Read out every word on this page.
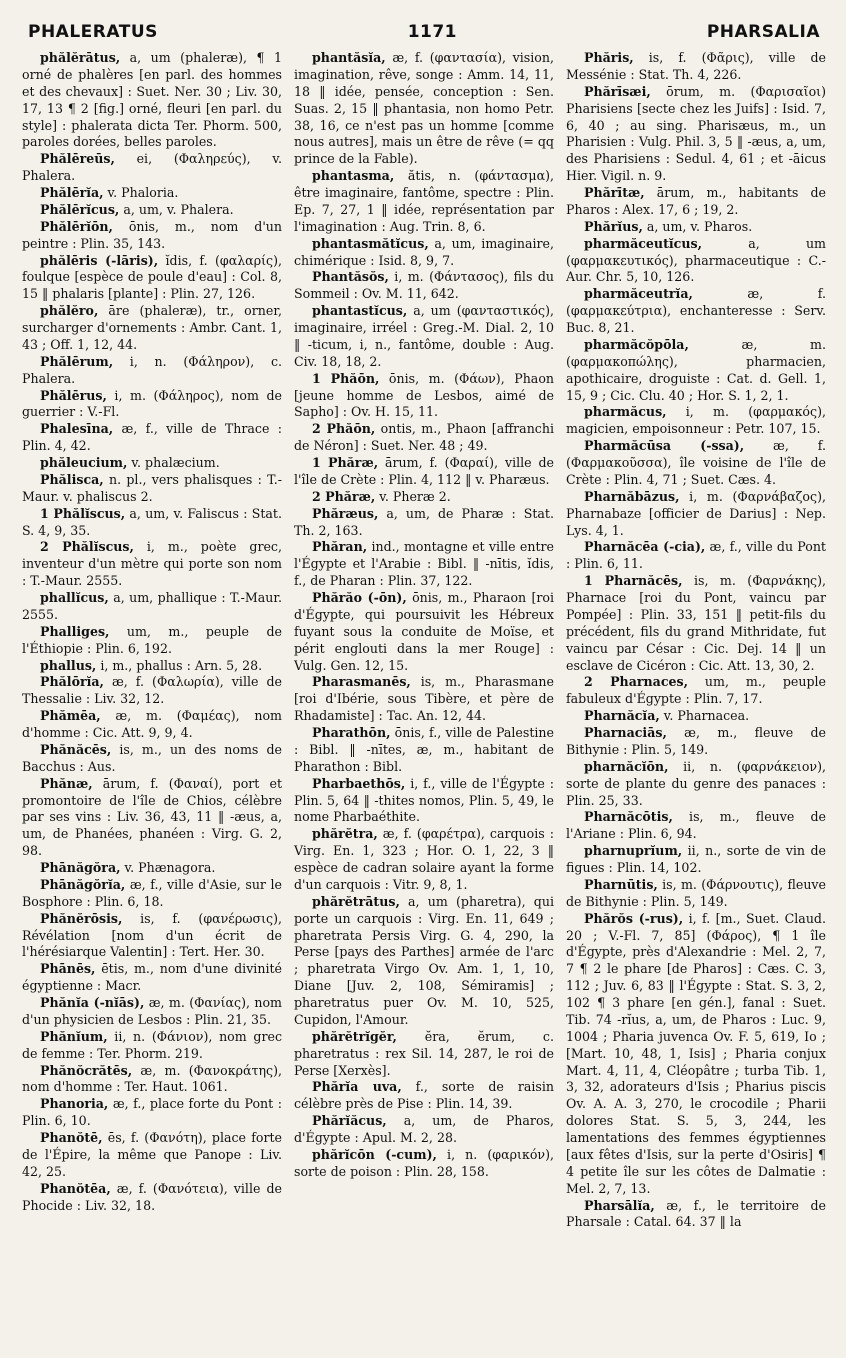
PHALERATUS	1171	PHARSALIA

phălĕrātus, a, um (phaleræ), ¶ 1 orné de phalères [en parl. des hommes et des chevaux] : Suet. Ner. 30 ; Liv. 30, 17, 13 ¶ 2 [fig.] orné, fleuri [en parl. du style] : phalerata dicta Ter. Phorm. 500, paroles dorées, belles paroles.

Phălēreūs, ei, (Φαληρεύς), v. Phalera.

Phălērĭa, v. Phaloria.

Phălērĭcus, a, um, v. Phalera.

Phălērĭōn, ōnis, m., nom d'un peintre : Plin. 35, 143.

phălēris (-lāris), ĭdis, f. (φαλαρίς), foulque [espèce de poule d'eau] : Col. 8, 15 ‖ phalaris [plante] : Plin. 27, 126.

phălĕro, āre (phaleræ), tr., orner, surcharger d'ornements : Ambr. Cant. 1, 43 ; Off. 1, 12, 44.

Phălērum, i, n. (Φάληρον), c. Phalera.

Phălērus, i, m. (Φάληρος), nom de guerrier : V.-Fl.

Phalesīna, æ, f., ville de Thrace : Plin. 4, 42.

phăleucium, v. phalæcium.

Phălisca, n. pl., vers phalisques : T.-Maur. v. phaliscus 2.

1 Phălĭscus, a, um, v. Faliscus : Stat. S. 4, 9, 35.

2 Phălĭscus, i, m., poète grec, inventeur d'un mètre qui porte son nom : T.-Maur. 2555.

phallĭcus, a, um, phallique : T.-Maur. 2555.

Phalliges, um, m., peuple de l'Éthiopie : Plin. 6, 192.

phallus, i, m., phallus : Arn. 5, 28.

Phălōrĭa, æ, f. (Φαλωρία), ville de Thessalie : Liv. 32, 12.

Phămēa, æ, m. (Φαμέας), nom d'homme : Cic. Att. 9, 9, 4.

Phănăcēs, is, m., un des noms de Bacchus : Aus.

Phănæ, ārum, f. (Φαναί), port et promontoire de l'île de Chios, célèbre par ses vins : Liv. 36, 43, 11 ‖ -æus, a, um, de Phanées, phanéen : Virg. G. 2, 98.

Phānăgŏra, v. Phænagora.

Phānăgŏrĭa, æ, f., ville d'Asie, sur le Bosphore : Plin. 6, 18.

Phănĕrōsis, is, f. (φανέρωσις), Révélation [nom d'un écrit de l'hérésiarque Valentin] : Tert. Her. 30.

Phānēs, ētis, m., nom d'une divinité égyptienne : Macr.

Phănĭa (-nĭās), æ, m. (Φανίας), nom d'un physicien de Lesbos : Plin. 21, 35.

Phănĭum, ii, n. (Φάνιον), nom grec de femme : Ter. Phorm. 219.

Phănŏcrătēs, æ, m. (Φανοκράτης), nom d'homme : Ter. Haut. 1061.

Phanoria, æ, f., place forte du Pont : Plin. 6, 10.

Phanŏtē, ēs, f. (Φανότη), place forte de l'Épire, la même que Panope : Liv. 42, 25.

Phanŏtēa, æ, f. (Φανότεια), ville de Phocide : Liv. 32, 18.

phantăsĭa, æ, f. (φαντασία), vision, imagination, rêve, songe : Amm. 14, 11, 18 ‖ idée, pensée, conception : Sen. Suas. 2, 15 ‖ phantasia, non homo Petr. 38, 16, ce n'est pas un homme [comme nous autres], mais un être de rêve (= qq prince de la Fable).

phantasma, ătis, n. (φάντασμα), être imaginaire, fantôme, spectre : Plin. Ep. 7, 27, 1 ‖ idée, représentation par l'imagination : Aug. Trin. 8, 6.

phantasmătĭcus, a, um, imaginaire, chimérique : Isid. 8, 9, 7.

Phantăsŏs, i, m. (Φάντασος), fils du Sommeil : Ov. M. 11, 642.

phantastĭcus, a, um (φανταστικός), imaginaire, irréel : Greg.-M. Dial. 2, 10 ‖ -ticum, i, n., fantôme, double : Aug. Civ. 18, 18, 2.

1 Phăōn, ōnis, m. (Φάων), Phaon [jeune homme de Lesbos, aimé de Sapho] : Ov. H. 15, 11.

2 Phăōn, ontis, m., Phaon [affranchi de Néron] : Suet. Ner. 48 ; 49.

1 Phăræ, ārum, f. (Φαραί), ville de l'île de Crète : Plin. 4, 112 ‖ v. Pharæus.

2 Phăræ, v. Pheræ 2.

Phăræus, a, um, de Pharæ : Stat. Th. 2, 163.

Phăran, ind., montagne et ville entre l'Égypte et l'Arabie : Bibl. ‖ -nītis, ĭdis, f., de Pharan : Plin. 37, 122.

Phărăo (-ōn), ōnis, m., Pharaon [roi d'Égypte, qui poursuivit les Hébreux fuyant sous la conduite de Moïse, et périt englouti dans la mer Rouge] : Vulg. Gen. 12, 15.

Pharasmanēs, is, m., Pharasmane [roi d'Ibérie, sous Tibère, et père de Rhadamiste] : Tac. An. 12, 44.

Pharathōn, ōnis, f., ville de Palestine : Bibl. ‖ -nītes, æ, m., habitant de Pharathon : Bibl.

Pharbaethōs, i, f., ville de l'Égypte : Plin. 5, 64 ‖ -thites nomos, Plin. 5, 49, le nome Pharbaéthite.

phărĕtra, æ, f. (φαρέτρα), carquois : Virg. En. 1, 323 ; Hor. O. 1, 22, 3 ‖ espèce de cadran solaire ayant la forme d'un carquois : Vitr. 9, 8, 1.

phărĕtrātus, a, um (pharetra), qui porte un carquois : Virg. En. 11, 649 ; pharetrata Persis Virg. G. 4, 290, la Perse [pays des Parthes] armée de l'arc ; pharetrata Virgo Ov. Am. 1, 1, 10, Diane [Juv. 2, 108, Sémiramis] ; pharetratus puer Ov. M. 10, 525, Cupidon, l'Amour.

phărĕtrĭgĕr, ĕra, ĕrum, c. pharetratus : rex Sil. 14, 287, le roi de Perse [Xerxès].

Phărĭa uva, f., sorte de raisin célèbre près de Pise : Plin. 14, 39.

Phărĭăcus, a, um, de Pharos, d'Égypte : Apul. M. 2, 28.

phărĭcōn (-cum), i, n. (φαρικόν), sorte de poison : Plin. 28, 158.

Phăris, is, f. (Φᾶρις), ville de Messénie : Stat. Th. 4, 226.

Phărīsæi, ōrum, m. (Φαρισαῖοι) Pharisiens [secte chez les Juifs] : Isid. 7, 6, 40 ; au sing. Pharisæus, m., un Pharisien : Vulg. Phil. 3, 5 ‖ -æus, a, um, des Pharisiens : Sedul. 4, 61 ; et -āicus Hier. Vigil. n. 9.

Phărītæ, ārum, m., habitants de Pharos : Alex. 17, 6 ; 19, 2.

Phărĭus, a, um, v. Pharos.

pharmăceutĭcus, a, um (φαρμακευτικός), pharmaceutique : C.-Aur. Chr. 5, 10, 126.

pharmăceutrĭa, æ, f. (φαρμακεύτρια), enchanteresse : Serv. Buc. 8, 21.

pharmăcŏpōla, æ, m. (φαρμακοπώλης), pharmacien, apothicaire, droguiste : Cat. d. Gell. 1, 15, 9 ; Cic. Clu. 40 ; Hor. S. 1, 2, 1.

pharmăcus, i, m. (φαρμακός), magicien, empoisonneur : Petr. 107, 15.

Pharmăcūsa (-ssa), æ, f. (Φαρμακοῦσσα), île voisine de l'île de Crète : Plin. 4, 71 ; Suet. Cæs. 4.

Pharnăbāzus, i, m. (Φαρνάβαζος), Pharnabaze [officier de Darius] : Nep. Lys. 4, 1.

Pharnăcēa (-cia), æ, f., ville du Pont : Plin. 6, 11.

1 Pharnăcēs, is, m. (Φαρνάκης), Pharnace [roi du Pont, vaincu par Pompée] : Plin. 33, 151 ‖ petit-fils du précédent, fils du grand Mithridate, fut vaincu par César : Cic. Dej. 14 ‖ un esclave de Cicéron : Cic. Att. 13, 30, 2.

2 Pharnaces, um, m., peuple fabuleux d'Égypte : Plin. 7, 17.

Pharnăcĭa, v. Pharnacea.

Pharnaciās, æ, m., fleuve de Bithynie : Plin. 5, 149.

pharnăcĭōn, ii, n. (φαρνάκειον), sorte de plante du genre des panaces : Plin. 25, 33.

Pharnăcōtis, is, m., fleuve de l'Ariane : Plin. 6, 94.

pharnuprĭum, ii, n., sorte de vin de figues : Plin. 14, 102.

Pharnūtis, is, m. (Φάρνουτις), fleuve de Bithynie : Plin. 5, 149.

Phărŏs (-rus), i, f. [m., Suet. Claud. 20 ; V.-Fl. 7, 85] (Φάρος), ¶ 1 île d'Égypte, près d'Alexandrie : Mel. 2, 7, 7 ¶ 2 le phare [de Pharos] : Cæs. C. 3, 112 ; Juv. 6, 83 ‖ l'Égypte : Stat. S. 3, 2, 102 ¶ 3 phare [en gén.], fanal : Suet. Tib. 74 -rĭus, a, um, de Pharos : Luc. 9, 1004 ; Pharia juvenca Ov. F. 5, 619, Io ; [Mart. 10, 48, 1, Isis] ; Pharia conjux Mart. 4, 11, 4, Cléopâtre ; turba Tib. 1, 3, 32, adorateurs d'Isis ; Pharius piscis Ov. A. A. 3, 270, le crocodile ; Pharii dolores Stat. S. 5, 3, 244, les lamentations des femmes égyptiennes [aux fêtes d'Isis, sur la perte d'Osiris] ¶ 4 petite île sur les côtes de Dalmatie : Mel. 2, 7, 13.

Pharsālĭa, æ, f., le territoire de Pharsale : Catal. 64. 37 ‖ la
